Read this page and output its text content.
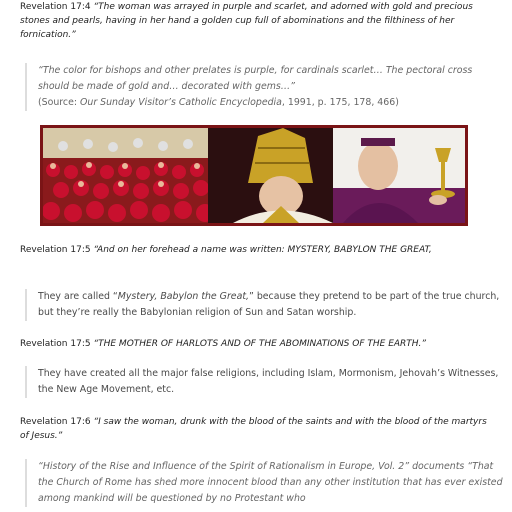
Revelation 17:4 “The woman was arrayed in purple and scarlet, and adorned with gold and precious stones and pearls, having in her hand a golden cup full of abominations and the filthiness of her fornication.”

“The color for bishops and other prelates is purple, for cardinals scarlet… The pectoral cross should be made of gold and… decorated with gems…”
(Source: Our Sunday Visitor’s Catholic Encyclopedia, 1991, p. 175, 178, 466)

Revelation 17:5 “And on her forehead a name was written: MYSTERY, BABYLON THE GREAT,

They are called “Mystery, Babylon the Great,” because they pretend to be part of the true church, but they’re really the Babylonian religion of Sun and Satan worship.

Revelation 17:5 “THE MOTHER OF HARLOTS AND OF THE ABOMINATIONS OF THE EARTH.”

They have created all the major false religions, including Islam, Mormonism, Jehovah’s Witnesses, the New Age Movement, etc.

Revelation 17:6 “I saw the woman, drunk with the blood of the saints and with the blood of the martyrs of Jesus.”

“History of the Rise and Influence of the Spirit of Rationalism in Europe, Vol. 2” documents “That the Church of Rome has shed more innocent blood than any other institution that has ever existed among mankind will be questioned by no Protestant who
